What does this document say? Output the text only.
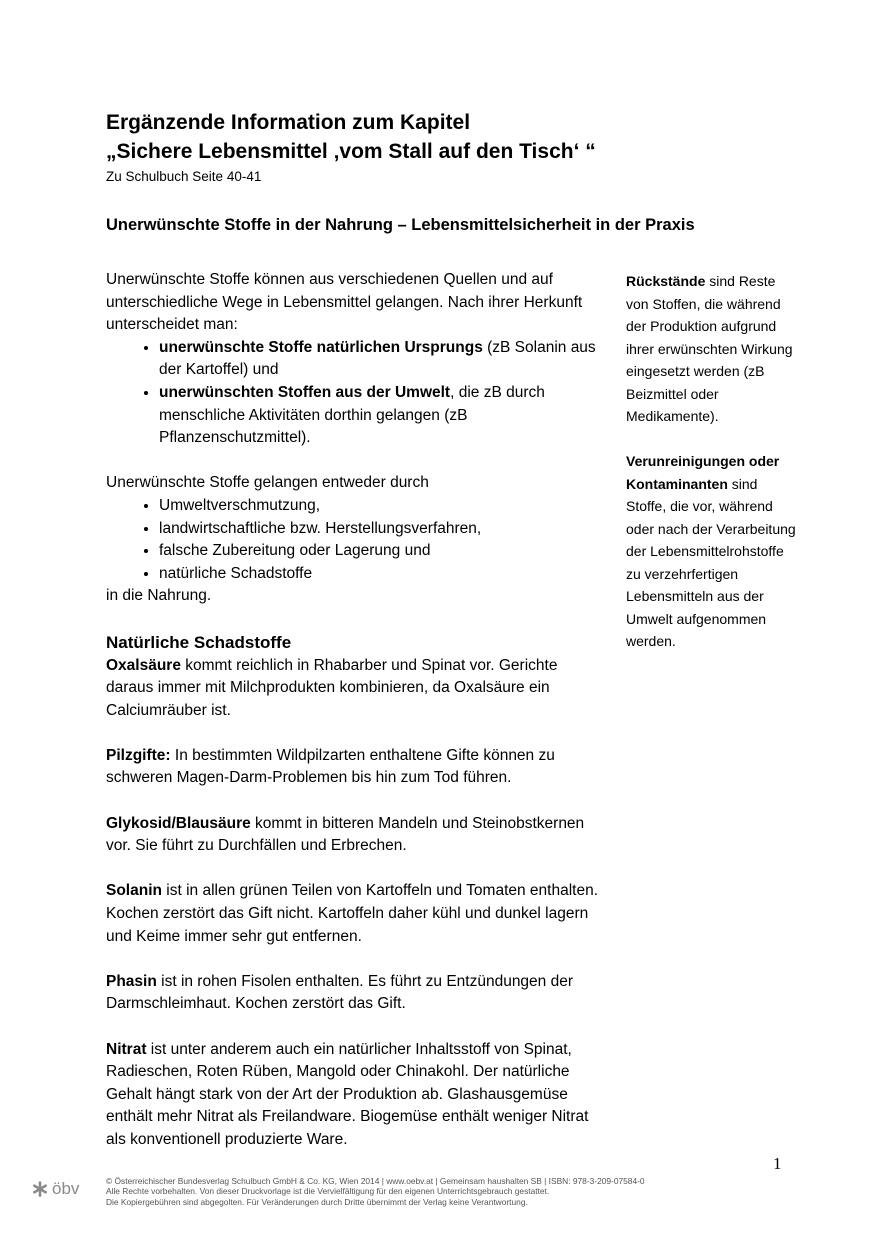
Ergänzende Information zum Kapitel
„Sichere Lebensmittel ‚vom Stall auf den Tisch‘ “
Zu Schulbuch Seite 40-41
Unerwünschte Stoffe in der Nahrung – Lebensmittelsicherheit in der Praxis

Unerwünschte Stoffe können aus verschiedenen Quellen und auf unterschiedliche Wege in Lebensmittel gelangen. Nach ihrer Herkunft unterscheidet man:

• unerwünschte Stoffe natürlichen Ursprungs (zB Solanin aus der Kartoffel) und
• unerwünschten Stoffen aus der Umwelt, die zB durch menschliche Aktivitäten dorthin gelangen (zB Pflanzenschutzmittel).

Unerwünschte Stoffe gelangen entweder durch

• Umweltverschmutzung,
• landwirtschaftliche bzw. Herstellungsverfahren,
• falsche Zubereitung oder Lagerung und
• natürliche Schadstoffe

in die Nahrung.

Natürliche Schadstoffe

Oxalsäure kommt reichlich in Rhabarber und Spinat vor. Gerichte daraus immer mit Milchprodukten kombinieren, da Oxalsäure ein Calciumräuber ist.

Pilzgifte: In bestimmten Wildpilzarten enthaltene Gifte können zu schweren Magen-Darm-Problemen bis hin zum Tod führen.

Glykosid/Blausäure kommt in bitteren Mandeln und Steinobstkernen vor. Sie führt zu Durchfällen und Erbrechen.

Solanin ist in allen grünen Teilen von Kartoffeln und Tomaten enthalten. Kochen zerstört das Gift nicht. Kartoffeln daher kühl und dunkel lagern und Keime immer sehr gut entfernen.

Phasin ist in rohen Fisolen enthalten. Es führt zu Entzündungen der Darmschleimhaut. Kochen zerstört das Gift.

Nitrat ist unter anderem auch ein natürlicher Inhaltsstoff von Spinat, Radieschen, Roten Rüben, Mangold oder Chinakohl. Der natürliche Gehalt hängt stark von der Art der Produktion ab. Glashausgemüse enthält mehr Nitrat als Freilandware. Biogemüse enthält weniger Nitrat als konventionell produzierte Ware.

Rückstände sind Reste von Stoffen, die während der Produktion aufgrund ihrer erwünschten Wirkung eingesetzt werden (zB Beizmittel oder Medikamente).

Verunreinigungen oder Kontaminanten sind Stoffe, die vor, während oder nach der Verarbeitung der Lebensmittelrohstoffe zu verzehrfertigen Lebensmitteln aus der Umwelt aufgenommen werden.

1
öbv	© Österreichischer Bundesverlag Schulbuch GmbH & Co. KG, Wien 2014 | www.oebv.at | Gemeinsam haushalten SB | ISBN: 978-3-209-07584-0
Alle Rechte vorbehalten. Von dieser Druckvorlage ist die Vervielfältigung für den eigenen Unterrichtsgebrauch gestattet.
Die Kopiergebühren sind abgegolten. Für Veränderungen durch Dritte übernimmt der Verlag keine Verantwortung.
